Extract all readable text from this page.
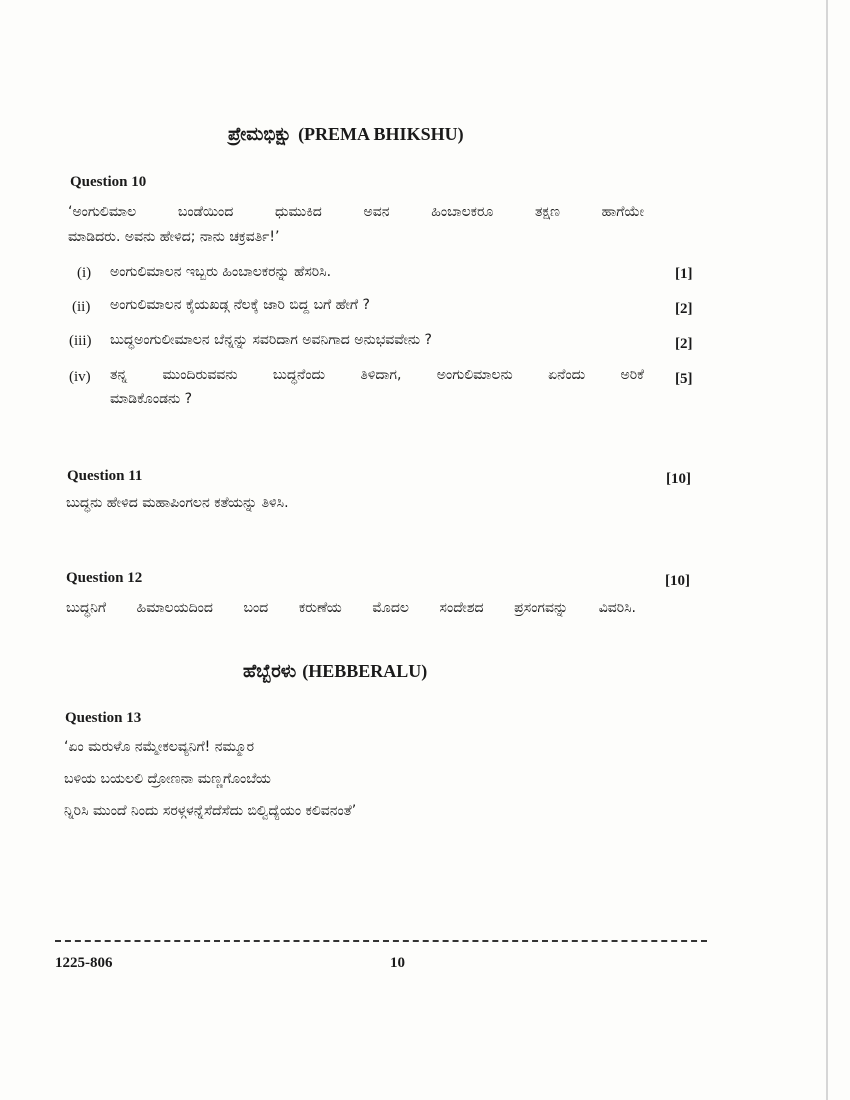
ಪ್ರೇಮಭಿಕ್ಷು (PREMA BHIKSHU)
Question 10
‘ಅಂಗುಲಿಮಾಲ ಬಂಡೆಯಿಂದ ಧುಮುಕಿದ ಅವನ ಹಿಂಬಾಲಕರೂ ತಕ್ಷಣ ಹಾಗೆಯೇ
ಮಾಡಿದರು. ಅವನು ಹೇಳಿದ; ನಾನು ಚಕ್ರವರ್ತಿ!’
(i) ಅಂಗುಲಿಮಾಲನ ಇಬ್ಬರು ಹಿಂಬಾಲಕರನ್ನು ಹೆಸರಿಸಿ.	[1]
(ii) ಅಂಗುಲಿಮಾಲನ ಕೈಯಖಡ್ಗ ನೆಲಕ್ಕೆ ಜಾರಿ ಬಿದ್ದ ಬಗೆ ಹೇಗೆ ?	[2]
(iii) ಬುದ್ಧಅಂಗುಲೀಮಾಲನ ಬೆನ್ನನ್ನು ಸವರಿದಾಗ ಅವನಿಗಾದ ಅನುಭವವೇನು ?	[2]
(iv) ತನ್ನ ಮುಂದಿರುವವನು ಬುದ್ಧನೆಂದು ತಿಳಿದಾಗ, ಅಂಗುಲಿಮಾಲನು ಏನೆಂದು ಅರಿಕೆ
ಮಾಡಿಕೊಂಡನು ?
[5]
Question 11	[10]
ಬುದ್ಧನು ಹೇಳಿದ ಮಹಾಪಿಂಗಲನ ಕತೆಯನ್ನು ತಿಳಿಸಿ.
Question 12	[10]
ಬುದ್ಧನಿಗೆ ಹಿಮಾಲಯದಿಂದ ಬಂದ ಕರುಣೆಯ ಮೊದಲ ಸಂದೇಶದ ಪ್ರಸಂಗವನ್ನು ವಿವರಿಸಿ.
ಹೆಬ್ಬೆರಳು (HEBBERALU)
Question 13
‘ಏಂ ಮರುಳೊ ನಮ್ಮೇಕಲವ್ಯನಿಗೆ! ನಮ್ಮೂರ
ಬಳಿಯ ಬಯಲಲಿ ದ್ರೋಣನಾ ಮಣ್ಣಗೊಂಬೆಯ
ನ್ನಿರಿಸಿ ಮುಂದೆ ನಿಂದು ಸರಳ್ಗಳನ್ನೆಸೆದೆಸೆದು ಬಿಲ್ವಿದ್ಯೆಯಂ ಕಲಿವನಂತೆ’
1225-806	10
